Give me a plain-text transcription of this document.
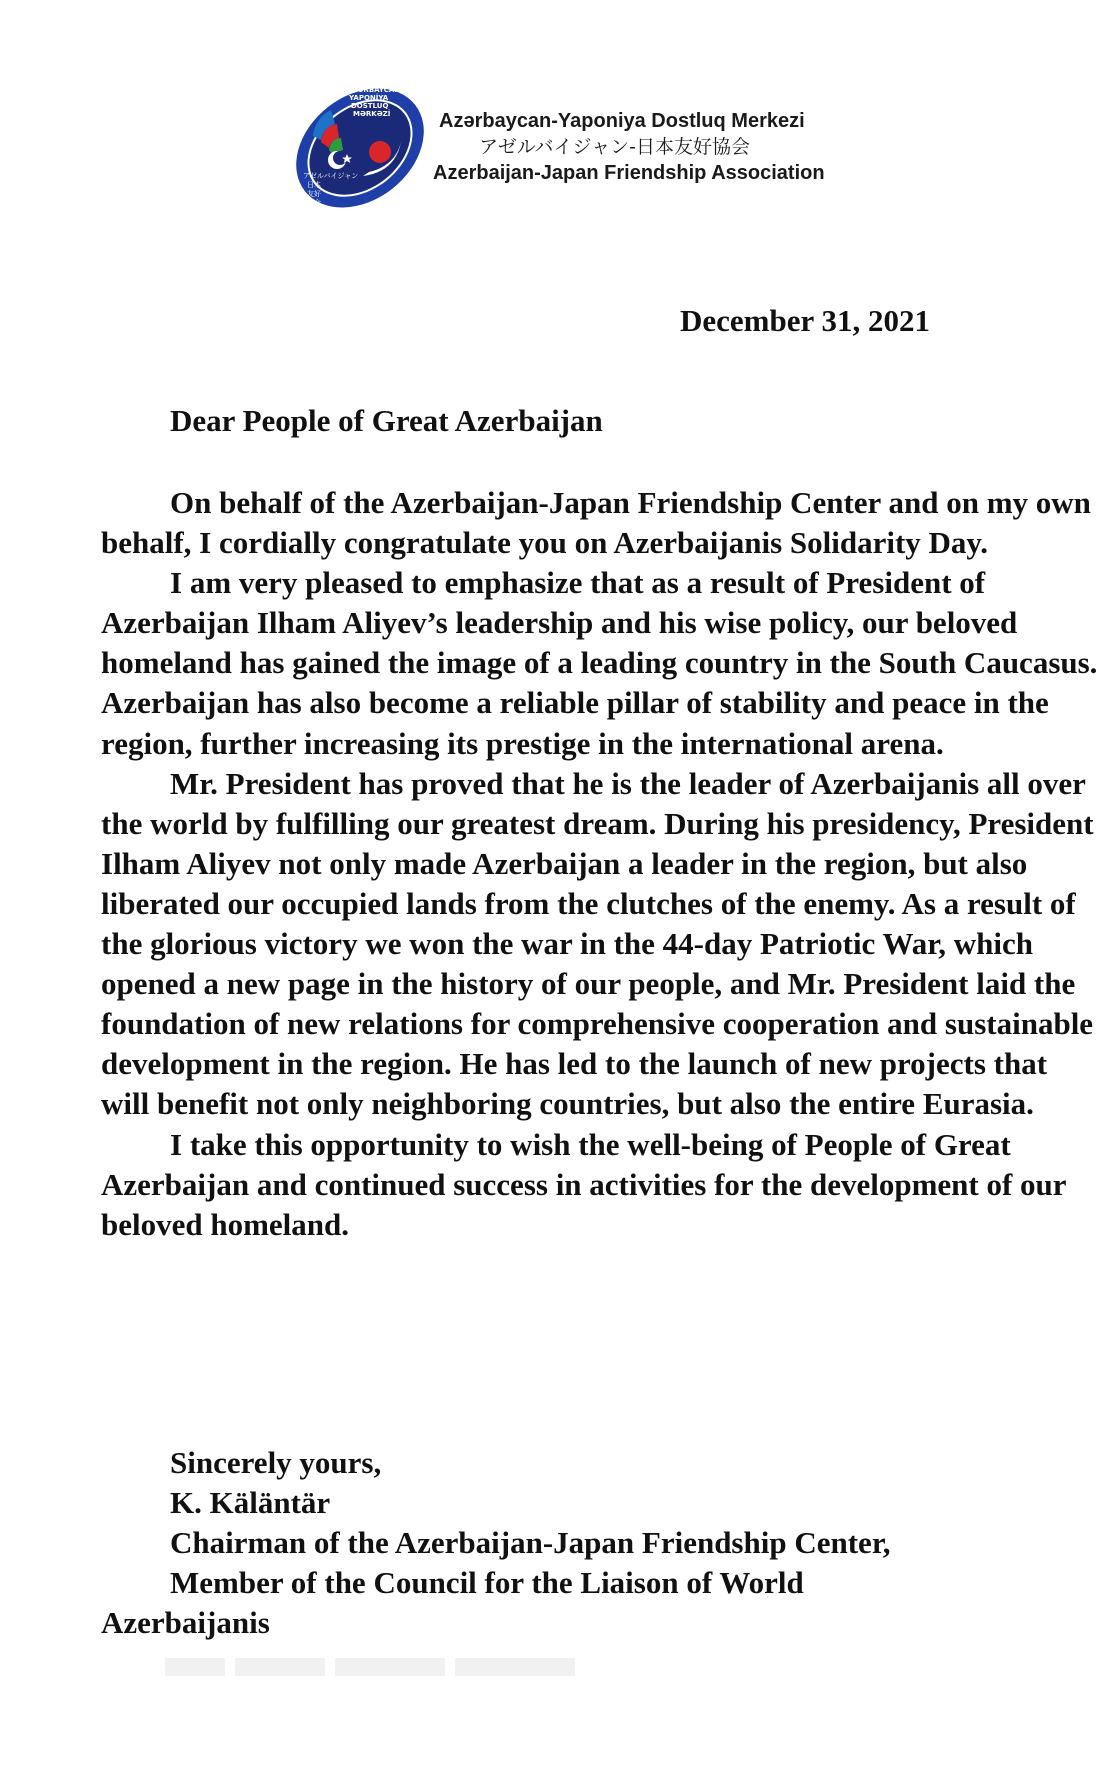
AZƏRBAYCAN
YAPONİYA
DOSTLUQ
MƏRKƏZİ
アゼルバイジャン
日本
友好
協会
Azərbaycan-Yaponiya Dostluq Merkezi
アゼルバイジャン-日本友好協会
Azerbaijan-Japan Friendship Association
December 31, 2021
Dear People of Great Azerbaijan

On behalf of the Azerbaijan-Japan Friendship Center and on my own behalf, I cordially congratulate you on Azerbaijanis Solidarity Day.

I am very pleased to emphasize that as a result of President of Azerbaijan Ilham Aliyev’s leadership and his wise policy, our beloved homeland has gained the image of a leading country in the South Caucasus. Azerbaijan has also become a reliable pillar of stability and peace in the region, further increasing its prestige in the international arena.

Mr. President has proved that he is the leader of Azerbaijanis all over the world by fulfilling our greatest dream. During his presidency, President Ilham Aliyev not only made Azerbaijan a leader in the region, but also liberated our occupied lands from the clutches of the enemy. As a result of the glorious victory we won the war in the 44-day Patriotic War, which opened a new page in the history of our people, and Mr. President laid the foundation of new relations for comprehensive cooperation and sustainable development in the region. He has led to the launch of new projects that will benefit not only neighboring countries, but also the entire Eurasia.

I take this opportunity to wish the well-being of People of Great Azerbaijan and continued success in activities for the development of our beloved homeland.

Sincerely yours,
K. Käläntär
Chairman of the Azerbaijan-Japan Friendship Center,
Member of the Council for the Liaison of World
Azerbaijanis
